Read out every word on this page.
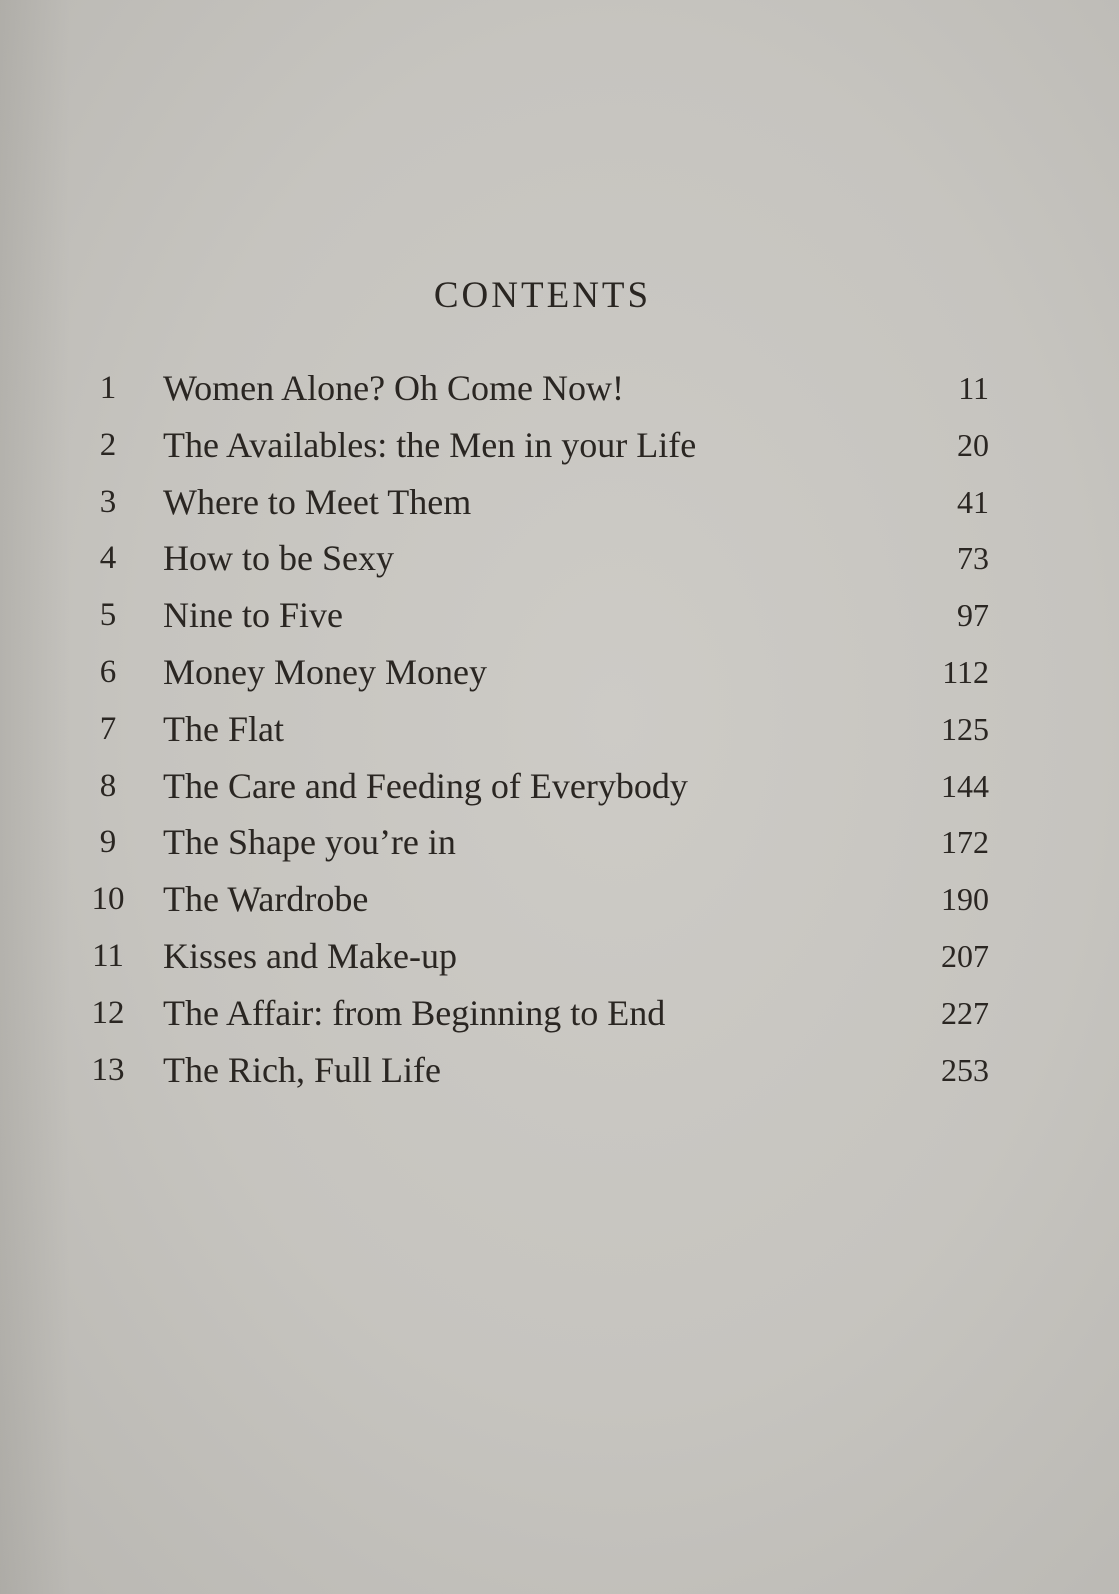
CONTENTS
1	Women Alone? Oh Come Now!	11
2	The Availables: the Men in your Life	20
3	Where to Meet Them	41
4	How to be Sexy	73
5	Nine to Five	97
6	Money Money Money	112
7	The Flat	125
8	The Care and Feeding of Everybody	144
9	The Shape you’re in	172
10	The Wardrobe	190
11	Kisses and Make-up	207
12	The Affair: from Beginning to End	227
13	The Rich, Full Life	253
